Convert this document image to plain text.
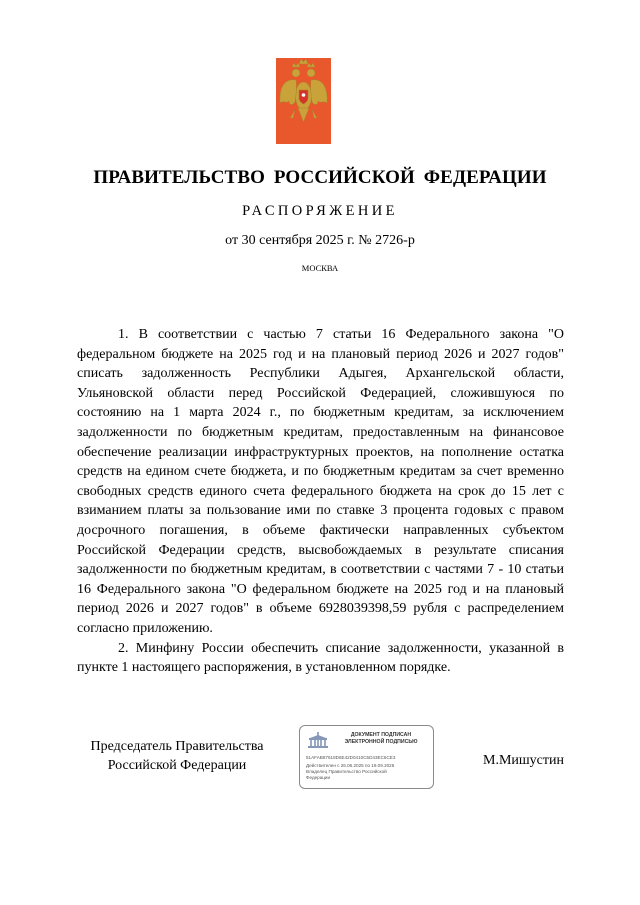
ПРАВИТЕЛЬСТВО РОССИЙСКОЙ ФЕДЕРАЦИИ

РАСПОРЯЖЕНИЕ

от 30 сентября 2025 г. № 2726-р

МОСКВА

1. В соответствии с частью 7 статьи 16 Федерального закона "О федеральном бюджете на 2025 год и на плановый период 2026 и 2027 годов" списать задолженность Республики Адыгея, Архангельской области, Ульяновской области перед Российской Федерацией, сложившуюся по состоянию на 1 марта 2024 г., по бюджетным кредитам, за исключением задолженности по бюджетным кредитам, предоставленным на финансовое обеспечение реализации инфраструктурных проектов, на пополнение остатка средств на едином счете бюджета, и по бюджетным кредитам за счет временно свободных средств единого счета федерального бюджета на срок до 15 лет с взиманием платы за пользование ими по ставке 3 процента годовых с правом досрочного погашения, в объеме фактически направленных субъектом Российской Федерации средств, высвобождаемых в результате списания задолженности по бюджетным кредитам, в соответствии с частями 7 - 10 статьи 16 Федерального закона "О федеральном бюджете на 2025 год и на плановый период 2026 и 2027 годов" в объеме 6928039398,59 рубля с распределением согласно приложению.

2. Минфину России обеспечить списание задолженности, указанной в пункте 1 настоящего распоряжения, в установленном порядке.

Председатель Правительства
Российской Федерации
ДОКУМЕНТ ПОДПИСАН
ЭЛЕКТРОННОЙ ПОДПИСЬЮ
51AFAB87618D6E42D0410C5D43EC6CE3
Действителен с 26.06.2025 по 19.09.2026
Владелец Правительство Российской
Федерации

М.Мишустин
